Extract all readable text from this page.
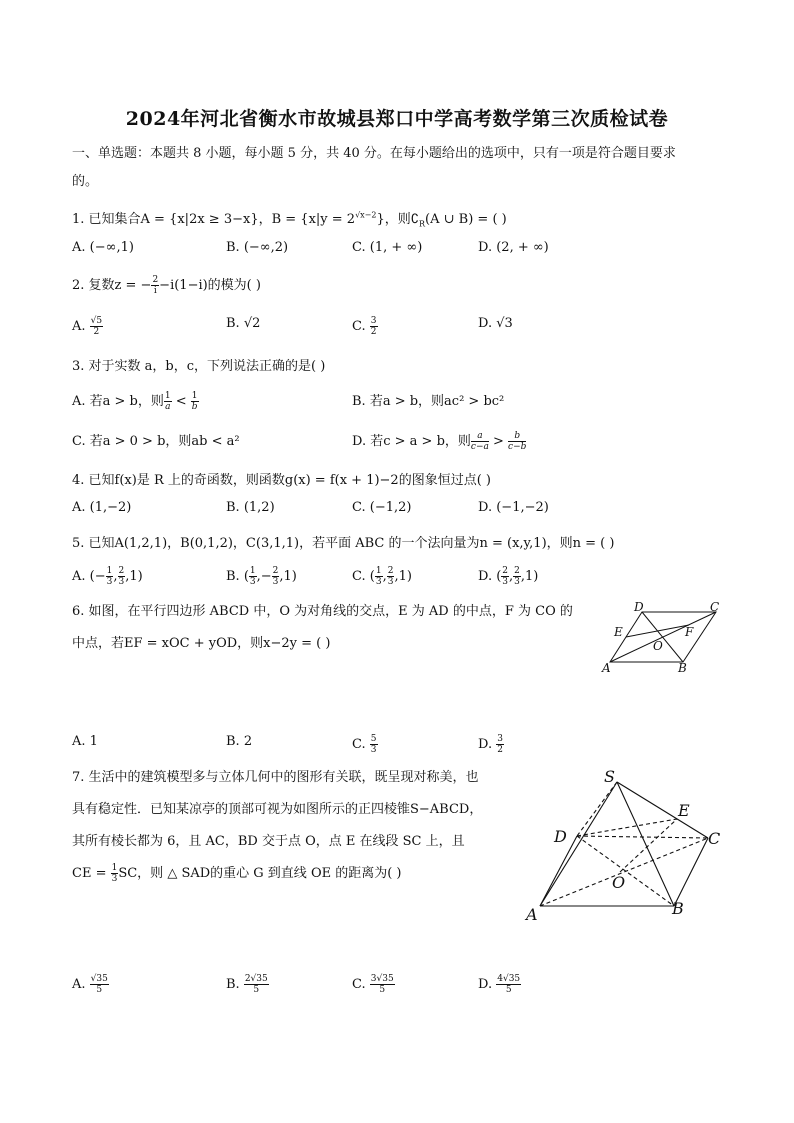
2024年河北省衡水市故城县郑口中学高考数学第三次质检试卷
一、单选题：本题共 8 小题，每小题 5 分，共 40 分。在每小题给出的选项中，只有一项是符合题目要求
的。
1. 已知集合A = {x|2x ≥ 3−x}，$B = \{x|y = 2^{√x-2}\}$，则$∁_R(A$ ∪ B) = ( )
A. (−∞,1)	B. (−∞,2)	C. (1, + ∞)	D. (2, + ∞)
2. 复数z = − $\frac{2}{i} -i(1-i)$的模为( )
A. $\frac{√5}{2}$	B. √2	C. $\frac{3}{2}$	D. √3
3. 对于实数 a，b，c，下列说法正确的是( )
A. 若a > b，则 $\frac{1}{a} < \frac{1}{b}$	B. 若a > b，则ac² > bc²
C. 若a > 0 > b，则ab < a²	D. 若c > a > b，则 $\frac{a}{c-a} > \frac{b}{c-b}$
4. 已知f(x)是 R 上的奇函数，则函数g(x) = f(x + 1)−2的图象恒过点( )
A. (1,−2)	B. (1,2)	C. (−1,2)	D. (−1,−2)
5. 已知A(1,2,1)，B(0,1,2)，C(3,1,1)，若平面 ABC 的一个法向量为n = (x,y,1)，则n = ( )
A. (− $\frac{1}{3}$ , $\frac{2}{3} ,1$)	B. ( $\frac{1}{3}$ ,− $\frac{2}{3} ,1$)	C. ( $\frac{1}{3}$ , $\frac{2}{3} ,1$)	D. ( $\frac{2}{3}$ , $\frac{2}{3} ,1$)
6. 如图，在平行四边形 ABCD 中，O 为对角线的交点，E 为 AD 的中点，F 为 CO 的
中点，若EF = xOC + yOD，则x−2y = ( )
D	C
E	F
O
A	B
A. 1	B. 2	C. $\frac{5}{3}$	D. $\frac{3}{2}$
7. 生活中的建筑模型多与立体几何中的图形有关联，既呈现对称美，也
具有稳定性．已知某凉亭的顶部可视为如图所示的正四棱锥S−ABCD，
其所有棱长都为 6，且 AC，BD 交于点 O，点 E 在线段 SC 上，且
CE = $\frac{1}{3}$ SC，则 △ SAD的重心 G 到直线 OE 的距离为( )
S
E
D	C
O
A	B
A. $\frac{√35}{5}$	B. $\frac{2√35}{5}$	C. $\frac{3√35}{5}$	D. $\frac{4√35}{5}$
